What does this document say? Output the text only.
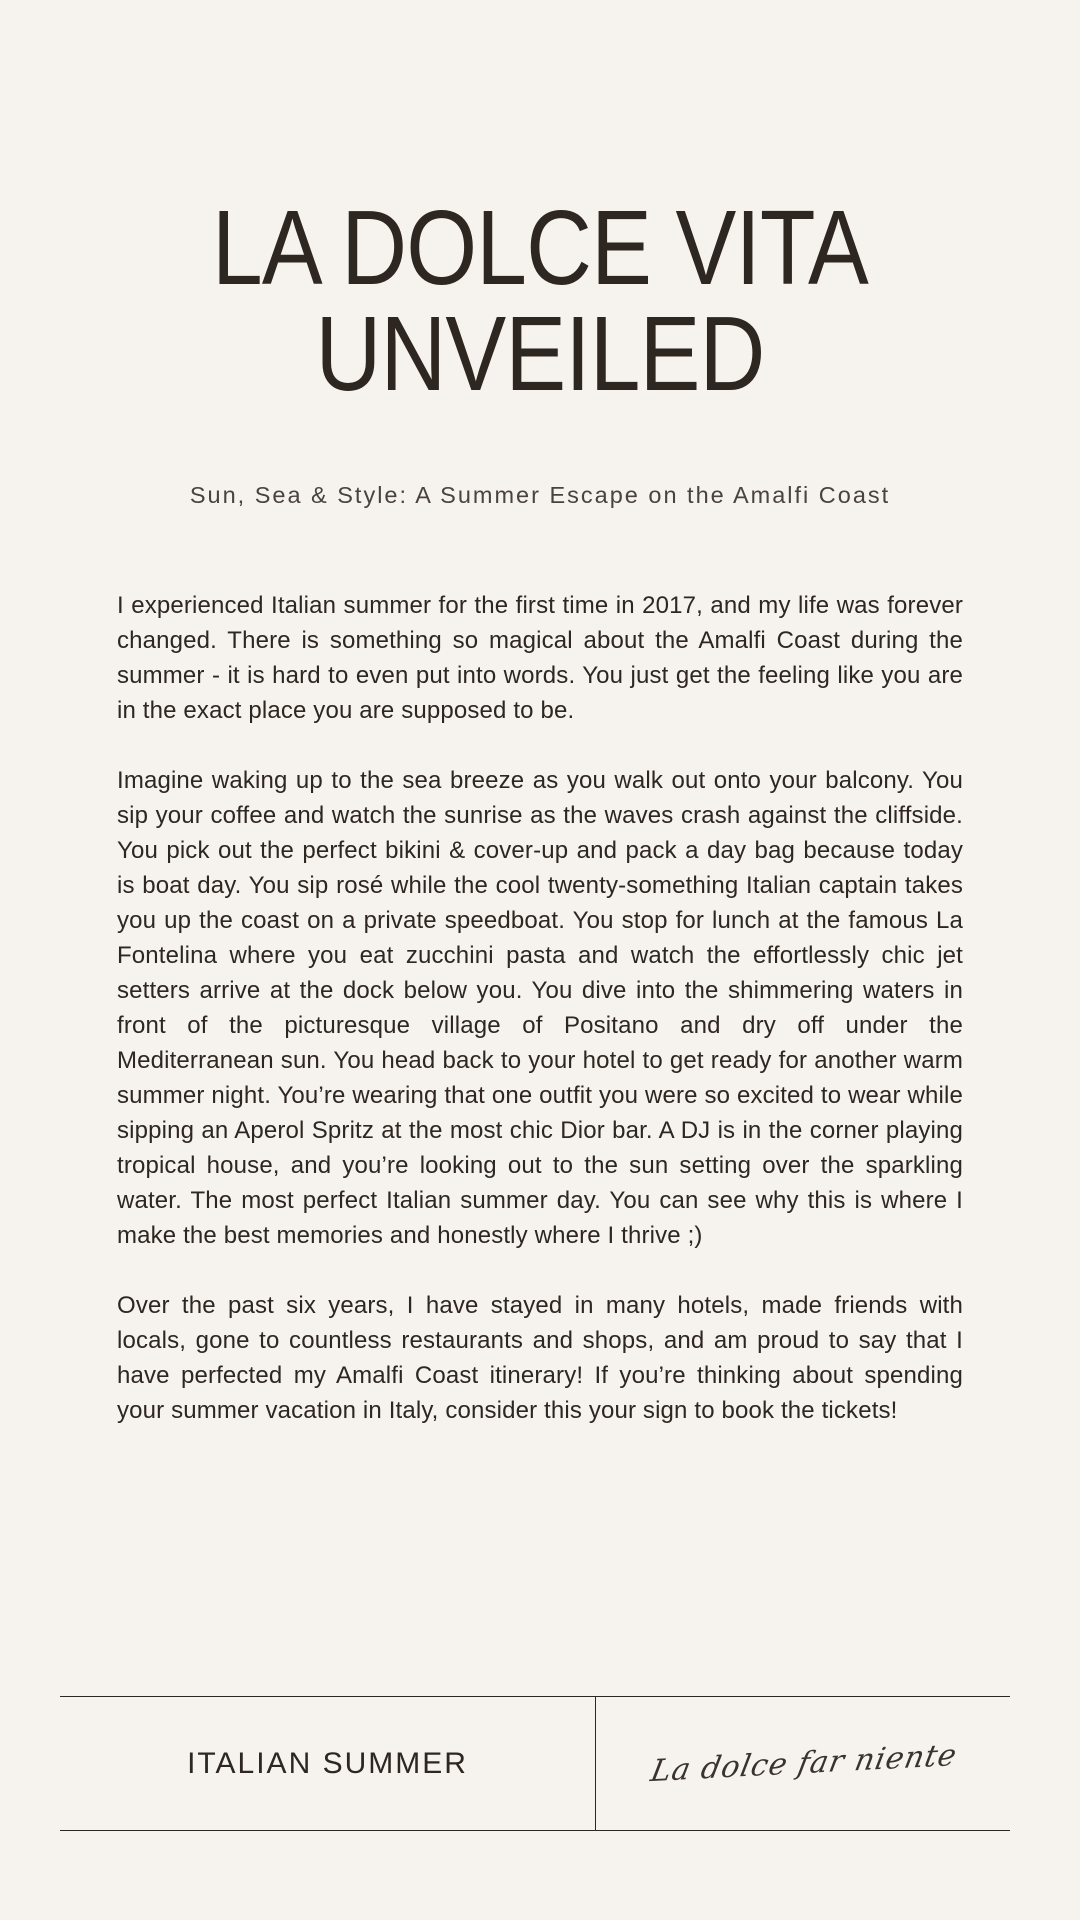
LA DOLCE VITA
UNVEILED

Sun, Sea & Style: A Summer Escape on the Amalfi Coast

I experienced Italian summer for the first time in 2017, and my life was forever changed. There is something so magical about the Amalfi Coast during the summer - it is hard to even put into words. You just get the feeling like you are in the exact place you are supposed to be.

Imagine waking up to the sea breeze as you walk out onto your balcony. You sip your coffee and watch the sunrise as the waves crash against the cliffside. You pick out the perfect bikini & cover-up and pack a day bag because today is boat day. You sip rosé while the cool twenty-something Italian captain takes you up the coast on a private speedboat. You stop for lunch at the famous La Fontelina where you eat zucchini pasta and watch the effortlessly chic jet setters arrive at the dock below you. You dive into the shimmering waters in front of the picturesque village of Positano and dry off under the Mediterranean sun. You head back to your hotel to get ready for another warm summer night. You’re wearing that one outfit you were so excited to wear while sipping an Aperol Spritz at the most chic Dior bar. A DJ is in the corner playing tropical house, and you’re looking out to the sun setting over the sparkling water. The most perfect Italian summer day. You can see why this is where I make the best memories and honestly where I thrive ;)

Over the past six years, I have stayed in many hotels, made friends with locals, gone to countless restaurants and shops, and am proud to say that I have perfected my Amalfi Coast itinerary! If you’re thinking about spending your summer vacation in Italy, consider this your sign to book the tickets!

ITALIAN SUMMER	La dolce far niente
